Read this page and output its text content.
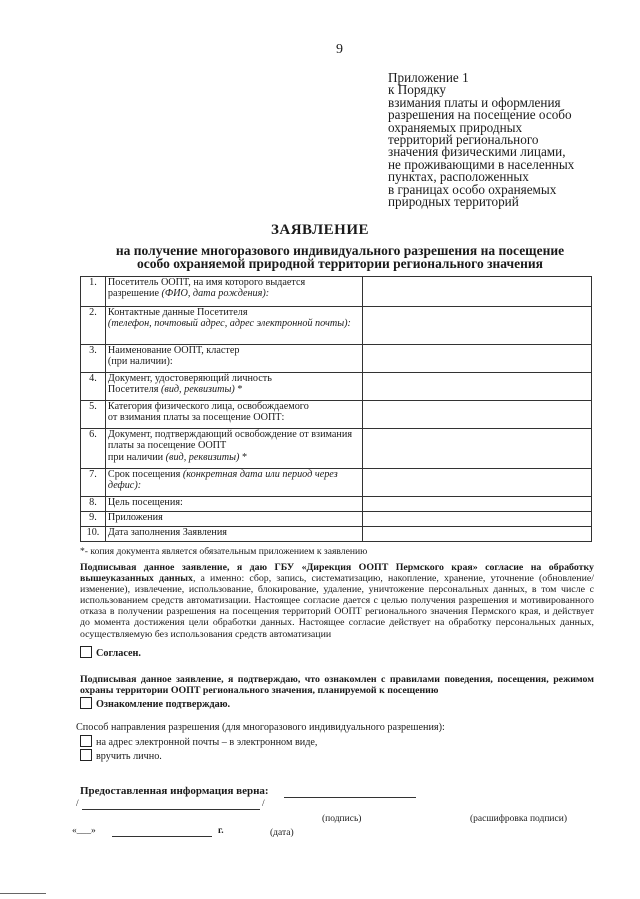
9
Приложение 1
к Порядку
взимания платы и оформления
разрешения на посещение особо
охраняемых природных
территорий регионального
значения физическими лицами,
не проживающими в населенных
пунктах, расположенных
в границах особо охраняемых
природных территорий
ЗАЯВЛЕНИЕ
на получение многоразового индивидуального разрешения на посещение
особо охраняемой природной территории регионального значения
1.	Посетитель ООПТ, на имя которого выдается
разрешение (ФИО, дата рождения):	
2.	Контактные данные Посетителя
(телефон, почтовый адрес, адрес электронной почты):	
3.	Наименование ООПТ, кластер
(при наличии):	
4.	Документ, удостоверяющий личность
Посетителя (вид, реквизиты) *	
5.	Категория физического лица, освобождаемого
от взимания платы за посещение ООПТ:	
6.	Документ, подтверждающий освобождение от взимания платы за посещение ООПТ
при наличии (вид, реквизиты) *	
7.	Срок посещения (конкретная дата или период через дефис):	
8.	Цель посещения:	
9.	Приложения	
10.	Дата заполнения Заявления	
*- копия документа является обязательным приложением к заявлению
Подписывая данное заявление, я даю ГБУ «Дирекция ООПТ Пермского края» согласие на обработку вышеуказанных данных, а именно: сбор, запись, систематизацию, накопление, хранение, уточнение (обновление/изменение), извлечение, использование, блокирование, удаление, уничтожение персональных данных, в том числе с использованием средств автоматизации. Настоящее согласие дается с целью получения разрешения и мотивированного отказа в получении разрешения на посещения территорий ООПТ регионального значения Пермского края, и действует до момента достижения цели обработки данных. Настоящее согласие действует на обработку персональных данных, осуществляемую без использования средств автоматизации
Согласен.
Подписывая данное заявление, я подтверждаю, что ознакомлен с правилами поведения, посещения, режимом охраны территории ООПТ регионального значения, планируемой к посещению
Ознакомление подтверждаю.
Способ направления разрешения (для многоразового индивидуального разрешения):
на адрес электронной почты – в электронном виде,
вручить лично.
Предоставленная информация верна:
/	/
(подпись)	(расшифровка подписи)
«___»	г.	(дата)
